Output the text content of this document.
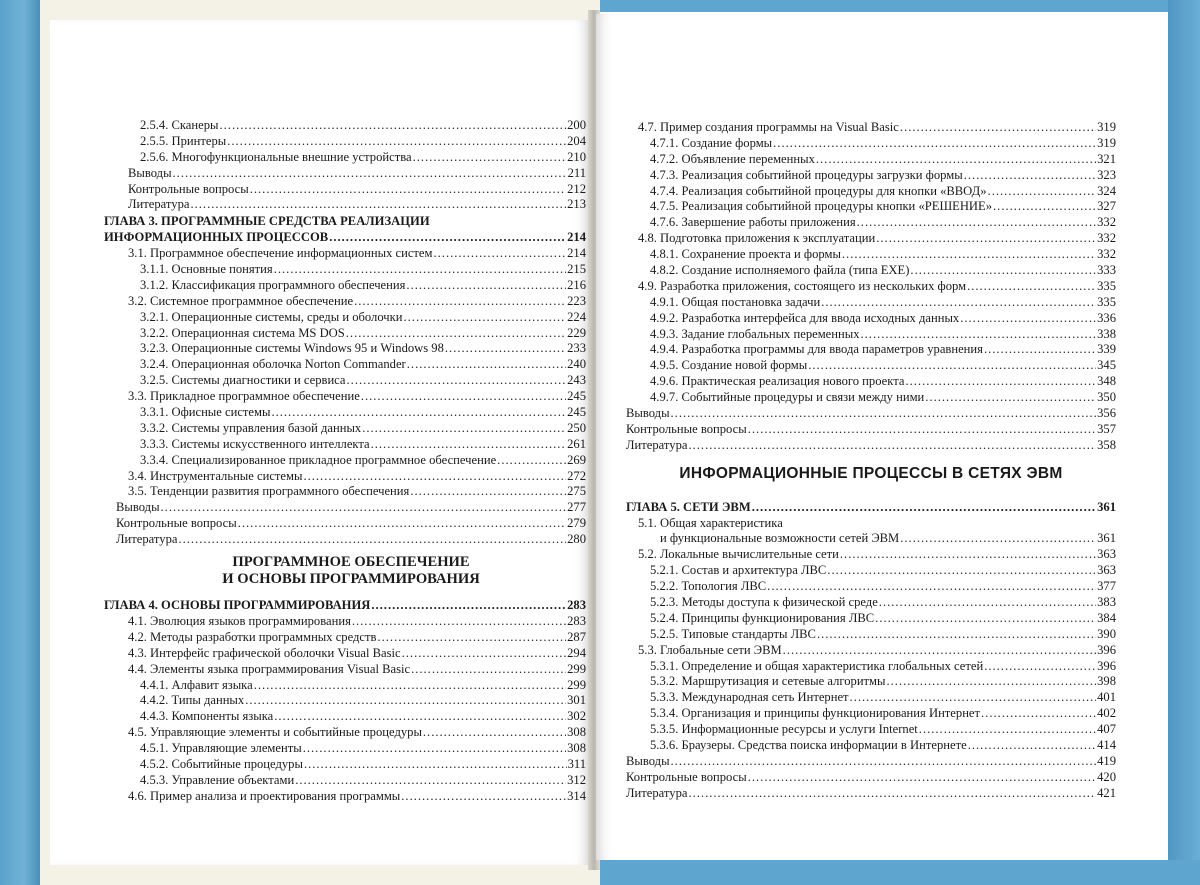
2.5.4. Сканеры .....	200
2.5.5. Принтеры .....	204
2.5.6. Многофункциональные внешние устройства .....	210
Выводы .....	211
Контрольные вопросы .....	212
Литература .....	213
ГЛАВА 3. ПРОГРАММНЫЕ СРЕДСТВА РЕАЛИЗАЦИИ
ИНФОРМАЦИОННЫХ ПРОЦЕССОВ .....	214
3.1. Программное обеспечение информационных систем .....	214
3.1.1. Основные понятия .....	215
3.1.2. Классификация программного обеспечения .....	216
3.2. Системное программное обеспечение .....	223
3.2.1. Операционные системы, среды и оболочки .....	224
3.2.2. Операционная система MS DOS .....	229
3.2.3. Операционные системы Windows 95 и Windows 98 .....	233
3.2.4. Операционная оболочка Norton Commander .....	240
3.2.5. Системы диагностики и сервиса .....	243
3.3. Прикладное программное обеспечение .....	245
3.3.1. Офисные системы .....	245
3.3.2. Системы управления базой данных .....	250
3.3.3. Системы искусственного интеллекта .....	261
3.3.4. Специализированное прикладное программное обеспечение .....	269
3.4. Инструментальные системы .....	272
3.5. Тенденции развития программного обеспечения .....	275
Выводы .....	277
Контрольные вопросы .....	279
Литература .....	280
ПРОГРАММНОЕ ОБЕСПЕЧЕНИЕ
И ОСНОВЫ ПРОГРАММИРОВАНИЯ
ГЛАВА 4. ОСНОВЫ ПРОГРАММИРОВАНИЯ .....	283
4.1. Эволюция языков программирования .....	283
4.2. Методы разработки программных средств .....	287
4.3. Интерфейс графической оболочки Visual Basic .....	294
4.4. Элементы языка программирования Visual Basic .....	299
4.4.1. Алфавит языка .....	299
4.4.2. Типы данных .....	301
4.4.3. Компоненты языка .....	302
4.5. Управляющие элементы и событийные процедуры .....	308
4.5.1. Управляющие элементы .....	308
4.5.2. Событийные процедуры .....	311
4.5.3. Управление объектами .....	312
4.6. Пример анализа и проектирования программы .....	314
4.7. Пример создания программы на Visual Basic .....	319
4.7.1. Создание формы .....	319
4.7.2. Объявление переменных .....	321
4.7.3. Реализация событийной процедуры загрузки формы .....	323
4.7.4. Реализация событийной процедуры для кнопки «ВВОД» .....	324
4.7.5. Реализация событийной процедуры кнопки «РЕШЕНИЕ» .....	327
4.7.6. Завершение работы приложения .....	332
4.8. Подготовка приложения к эксплуатации .....	332
4.8.1. Сохранение проекта и формы .....	332
4.8.2. Создание исполняемого файла (типа EXE) .....	333
4.9. Разработка приложения, состоящего из нескольких форм .....	335
4.9.1. Общая постановка задачи .....	335
4.9.2. Разработка интерфейса для ввода исходных данных .....	336
4.9.3. Задание глобальных переменных .....	338
4.9.4. Разработка программы для ввода параметров уравнения .....	339
4.9.5. Создание новой формы .....	345
4.9.6. Практическая реализация нового проекта .....	348
4.9.7. Событийные процедуры и связи между ними .....	350
Выводы .....	356
Контрольные вопросы .....	357
Литература .....	358
ИНФОРМАЦИОННЫЕ ПРОЦЕССЫ В СЕТЯХ ЭВМ
ГЛАВА 5. СЕТИ ЭВМ .....	361
5.1. Общая характеристика
и функциональные возможности сетей ЭВМ .....	361
5.2. Локальные вычислительные сети .....	363
5.2.1. Состав и архитектура ЛВС .....	363
5.2.2. Топология ЛВС .....	377
5.2.3. Методы доступа к физической среде .....	383
5.2.4. Принципы функционирования ЛВС .....	384
5.2.5. Типовые стандарты ЛВС .....	390
5.3. Глобальные сети ЭВМ .....	396
5.3.1. Определение и общая характеристика глобальных сетей .....	396
5.3.2. Маршрутизация и сетевые алгоритмы .....	398
5.3.3. Международная сеть Интернет .....	401
5.3.4. Организация и принципы функционирования Интернет .....	402
5.3.5. Информационные ресурсы и услуги Internet .....	407
5.3.6. Браузеры. Средства поиска информации в Интернете .....	414
Выводы .....	419
Контрольные вопросы .....	420
Литература .....	421
